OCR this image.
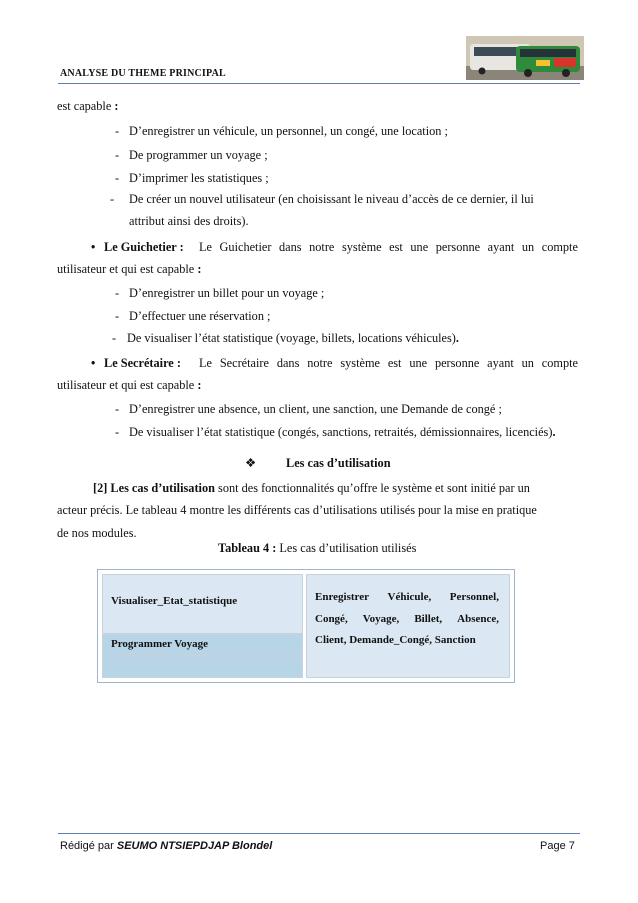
ANALYSE DU THEME PRINCIPAL
est capable :
- D’enregistrer un véhicule, un personnel, un congé, une location ;
- De programmer un voyage ;
- D’imprimer les statistiques ;
- De créer un nouvel utilisateur (en choisissant le niveau d’accès de ce dernier, il lui
attribut ainsi des droits).
• Le Guichetier : Le Guichetier dans notre système est une personne ayant un compte
utilisateur et qui est capable :
- D’enregistrer un billet pour un voyage ;
- D’effectuer une réservation ;
- De visualiser l’état statistique (voyage, billets, locations véhicules).
• Le Secrétaire : Le Secrétaire dans notre système est une personne ayant un compte
utilisateur et qui est capable :
- D’enregistrer une absence, un client, une sanction, une Demande de congé ;
- De visualiser l’état statistique (congés, sanctions, retraités, démissionnaires, licenciés).
❖ Les cas d’utilisation
[2] Les cas d’utilisation sont des fonctionnalités qu’offre le système et sont initié par un
acteur précis. Le tableau 4 montre les différents cas d’utilisations utilisés pour la mise en pratique
de nos modules.
Tableau 4 : Les cas d’utilisation utilisés
Visualiser_Etat_statistique
Programmer Voyage
Enregistrer Véhicule, Personnel,
Congé, Voyage, Billet, Absence,
Client, Demande_Congé, Sanction
Rédigé par SEUMO NTSIEPDJAP Blondel	Page 7
